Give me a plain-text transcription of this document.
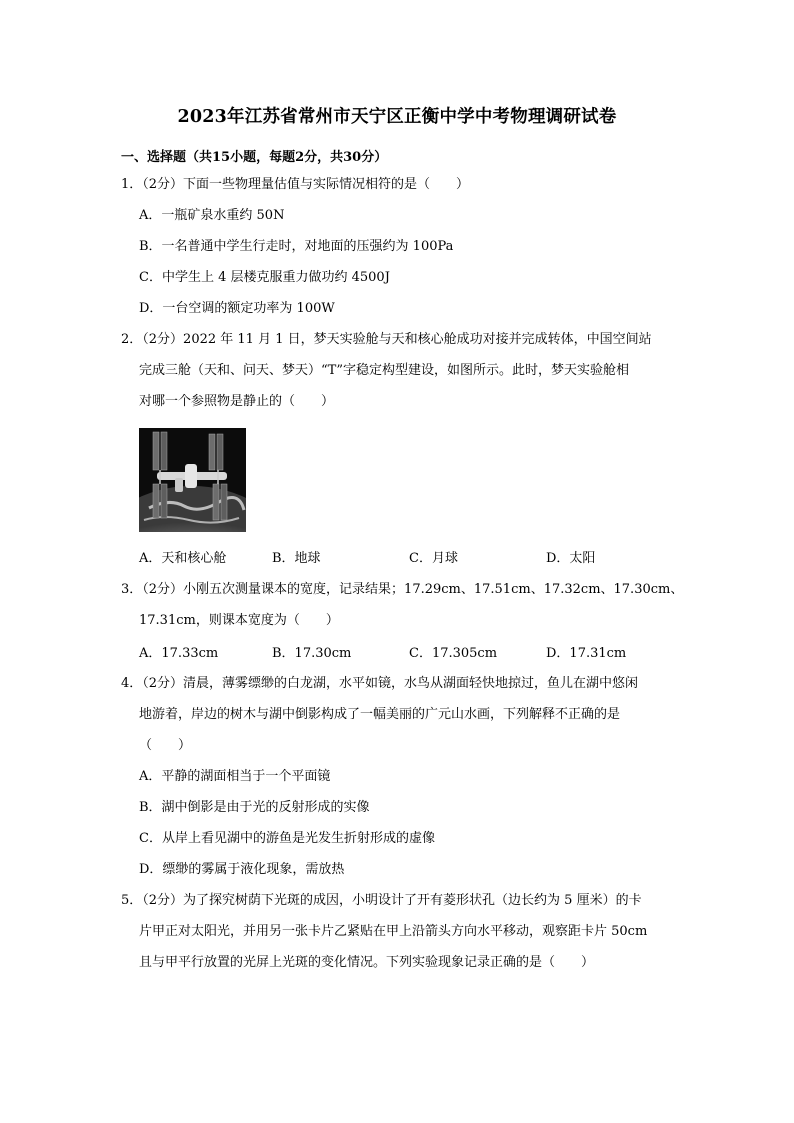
2023年江苏省常州市天宁区正衡中学中考物理调研试卷
一、选择题（共15小题，每题2分，共30分）
1．（2分）下面一些物理量估值与实际情况相符的是（　　）
A．一瓶矿泉水重约 50N
B．一名普通中学生行走时，对地面的压强约为 100Pa
C．中学生上 4 层楼克服重力做功约 4500J
D．一台空调的额定功率为 100W
2．（2分）2022 年 11 月 1 日，梦天实验舱与天和核心舱成功对接并完成转体，中国空间站
完成三舱（天和、问天、梦天）“T”字稳定构型建设，如图所示。此时，梦天实验舱相
对哪一个参照物是静止的（　　）
A．天和核心舱	B．地球	C．月球	D．太阳
3．（2分）小刚五次测量课本的宽度，记录结果；17.29cm、17.51cm、17.32cm、17.30cm、
17.31cm，则课本宽度为（　　）
A．17.33cm	B．17.30cm	C．17.305cm	D．17.31cm
4．（2分）清晨，薄雾缥缈的白龙湖，水平如镜，水鸟从湖面轻快地掠过，鱼儿在湖中悠闲
地游着，岸边的树木与湖中倒影构成了一幅美丽的广元山水画，下列解释不正确的是
（　　）
A．平静的湖面相当于一个平面镜
B．湖中倒影是由于光的反射形成的实像
C．从岸上看见湖中的游鱼是光发生折射形成的虚像
D．缥缈的雾属于液化现象，需放热
5．（2分）为了探究树荫下光斑的成因，小明设计了开有菱形状孔（边长约为 5 厘米）的卡
片甲正对太阳光，并用另一张卡片乙紧贴在甲上沿箭头方向水平移动，观察距卡片 50cm
且与甲平行放置的光屏上光斑的变化情况。下列实验现象记录正确的是（　　）
